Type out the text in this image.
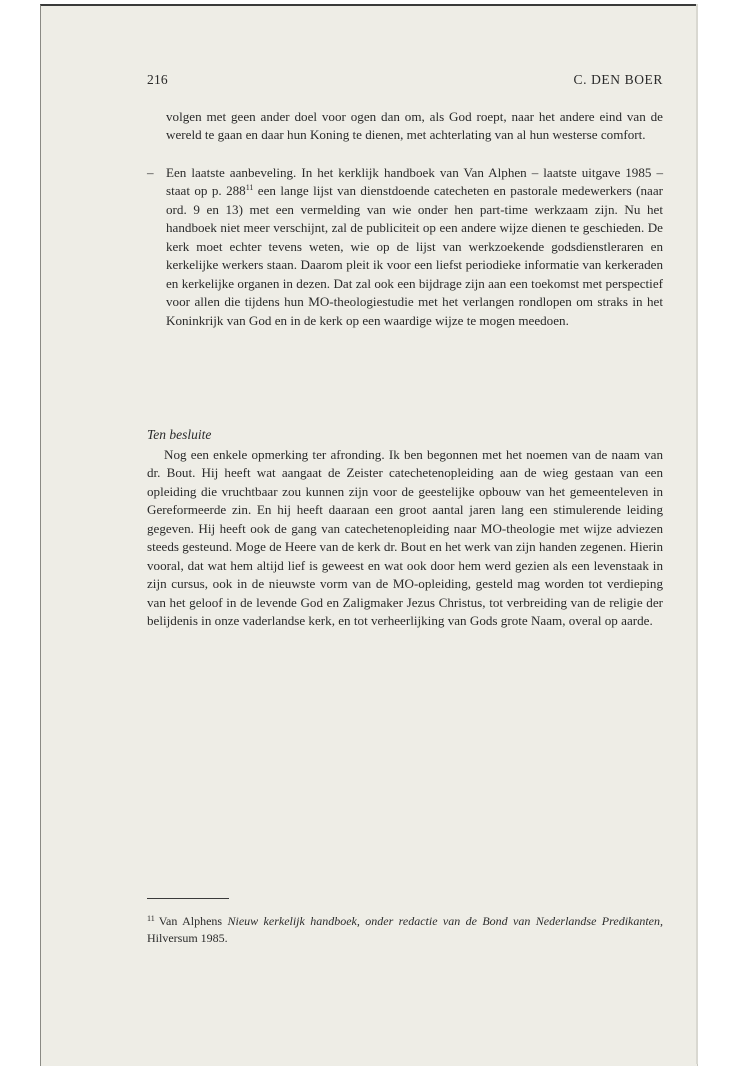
216	C. DEN BOER

volgen met geen ander doel voor ogen dan om, als God roept, naar het andere eind van de wereld te gaan en daar hun Koning te dienen, met achterlating van al hun westerse comfort.

– Een laatste aanbeveling. In het kerklijk handboek van Van Alphen – laatste uitgave 1985 – staat op p. $288^{11}$ een lange lijst van dienstdoende catecheten en pastorale medewerkers (naar ord. 9 en 13) met een vermelding van wie onder hen part-time werkzaam zijn. Nu het handboek niet meer verschijnt, zal de publiciteit op een andere wijze dienen te geschieden. De kerk moet echter tevens weten, wie op de lijst van werkzoekende godsdienstleraren en kerkelijke werkers staan. Daarom pleit ik voor een liefst periodieke informatie van kerkeraden en kerkelijke organen in dezen. Dat zal ook een bijdrage zijn aan een toekomst met perspectief voor allen die tijdens hun MO-theologiestudie met het verlangen rondlopen om straks in het Koninkrijk van God en in de kerk op een waardige wijze te mogen meedoen.

Ten besluite

Nog een enkele opmerking ter afronding. Ik ben begonnen met het noemen van de naam van dr. Bout. Hij heeft wat aangaat de Zeister catechetenopleiding aan de wieg gestaan van een opleiding die vruchtbaar zou kunnen zijn voor de geestelijke opbouw van het gemeenteleven in Gereformeerde zin. En hij heeft daaraan een groot aantal jaren lang een stimulerende leiding gegeven. Hij heeft ook de gang van catechetenopleiding naar MO-theologie met wijze adviezen steeds gesteund. Moge de Heere van de kerk dr. Bout en het werk van zijn handen zegenen. Hierin vooral, dat wat hem altijd lief is geweest en wat ook door hem werd gezien als een levenstaak in zijn cursus, ook in de nieuwste vorm van de MO-opleiding, gesteld mag worden tot verdieping van het geloof in de levende God en Zaligmaker Jezus Christus, tot verbreiding van de religie der belijdenis in onze vaderlandse kerk, en tot verheerlijking van Gods grote Naam, overal op aarde.

$^{11}$ Van Alphens Nieuw kerkelijk handboek, onder redactie van de Bond van Nederlandse Predikanten, Hilversum 1985.
